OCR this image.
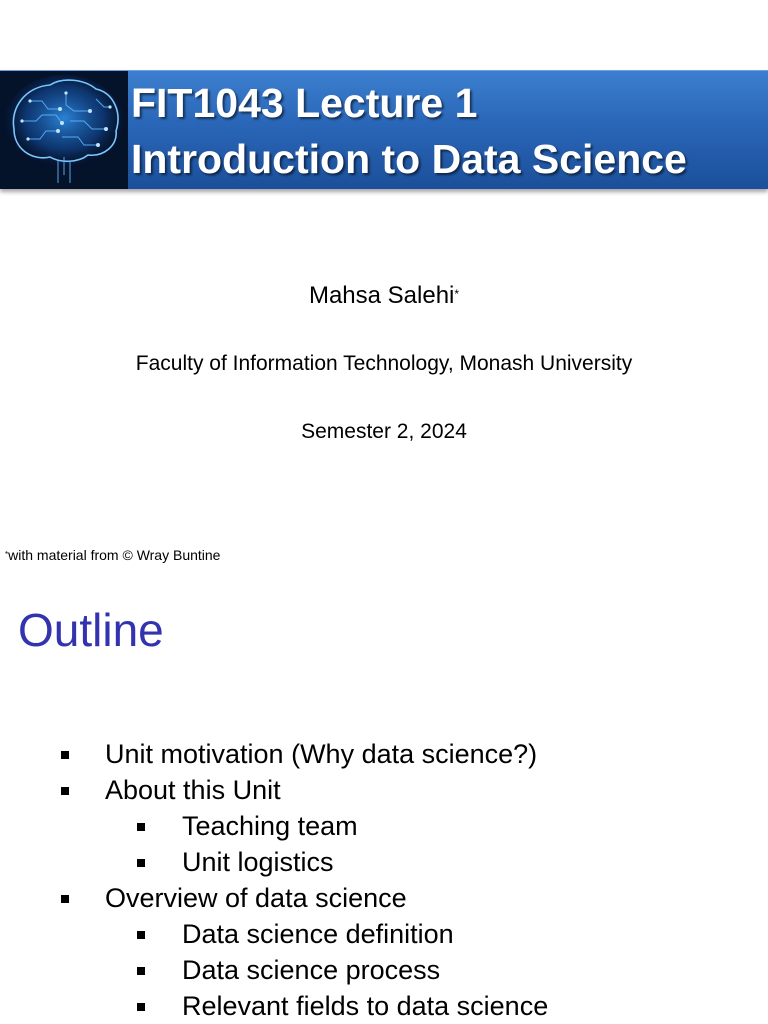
FIT1043 Lecture 1
Introduction to Data Science
Mahsa Salehi*
Faculty of Information Technology, Monash University
Semester 2, 2024
*with material from © Wray Buntine
Outline
Unit motivation (Why data science?)
About this Unit
Teaching team
Unit logistics
Overview of data science
Data science definition
Data science process
Relevant fields to data science
